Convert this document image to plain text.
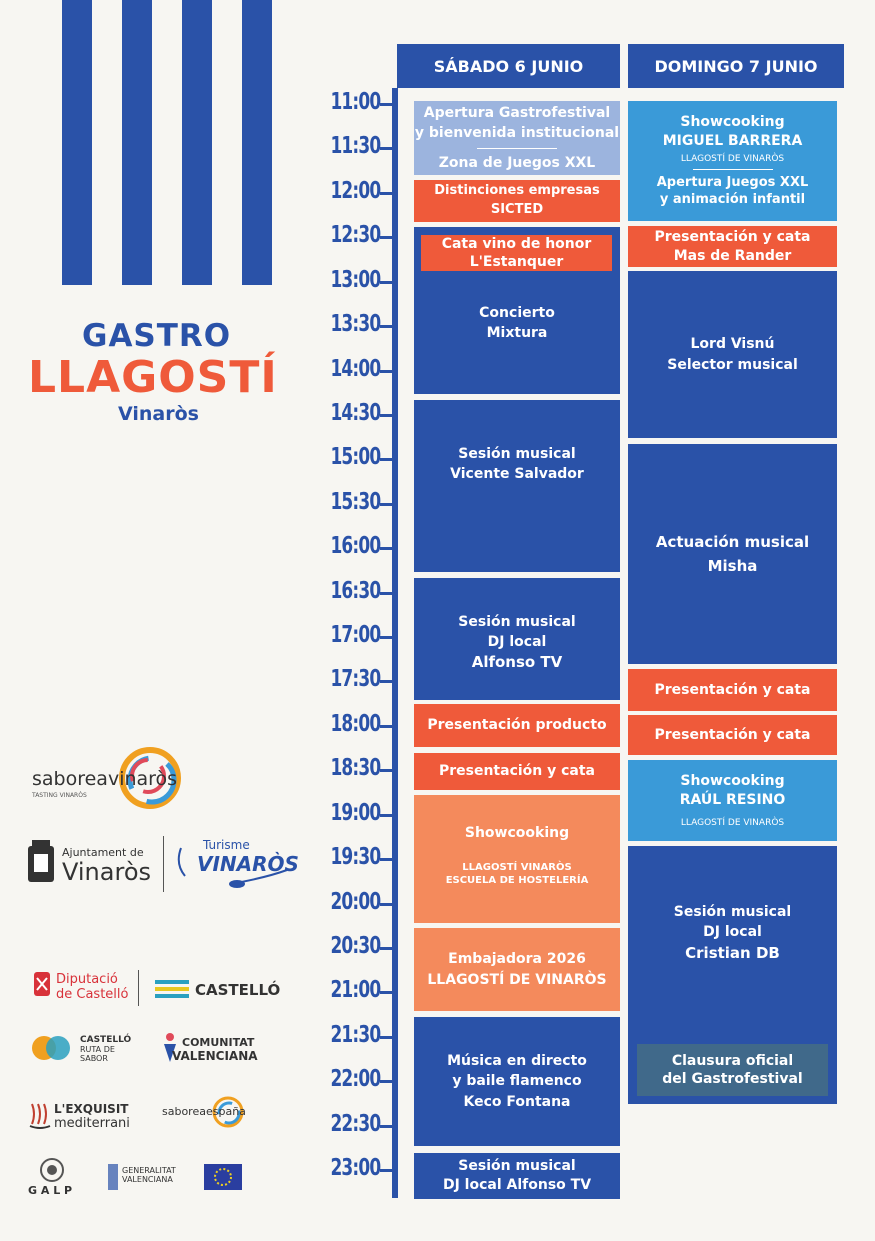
GASTRO
LLAGOSTÍ
Vinaròs
SÁBADO 6 JUNIO	DOMINGO 7 JUNIO
11:00
11:30
12:00
12:30
13:00
13:30
14:00
14:30
15:00
15:30
16:00
16:30
17:00
17:30
18:00
18:30
19:00
19:30
20:00
20:30
21:00
21:30
22:00
22:30
23:00
Apertura Gastrofestival
y bienvenida institucional
Zona de Juegos XXL
Distinciones empresas
SICTED
Concierto
Mixtura
Cata vino de honor
L'Estanquer
Sesión musical
Vicente Salvador
Sesión musical
DJ local
Alfonso TV
Presentación producto
Presentación y cata
Showcooking
LLAGOSTÍ VINARÒS
ESCUELA DE HOSTELERÍA
Embajadora 2026
LLAGOSTÍ DE VINARÒS
Música en directo
y baile flamenco
Keco Fontana
Sesión musical
DJ local Alfonso TV
Showcooking
MIGUEL BARRERA
LLAGOSTÍ DE VINARÒS
Apertura Juegos XXL
y animación infantil
Presentación y cata
Mas de Rander
Lord Visnú
Selector musical
Actuación musical
Misha
Presentación y cata
Presentación y cata
Showcooking
RAÚL RESINO
LLAGOSTÍ DE VINARÒS
Sesión musical
DJ local
Cristian DB
Clausura oficial
del Gastrofestival
saboreavinaròs
TASTING VINARÒS
Ajuntament de
Vinaròs
Turisme
VINARÒS
Diputació
de Castelló	CASTELLÓ
CASTELLÓ
RUTA DE
SABOR
COMUNITAT
VALENCIANA
L'EXQUISIT
mediterrani
saboreaespaña
G A L P
GENERALITAT
VALENCIANA
